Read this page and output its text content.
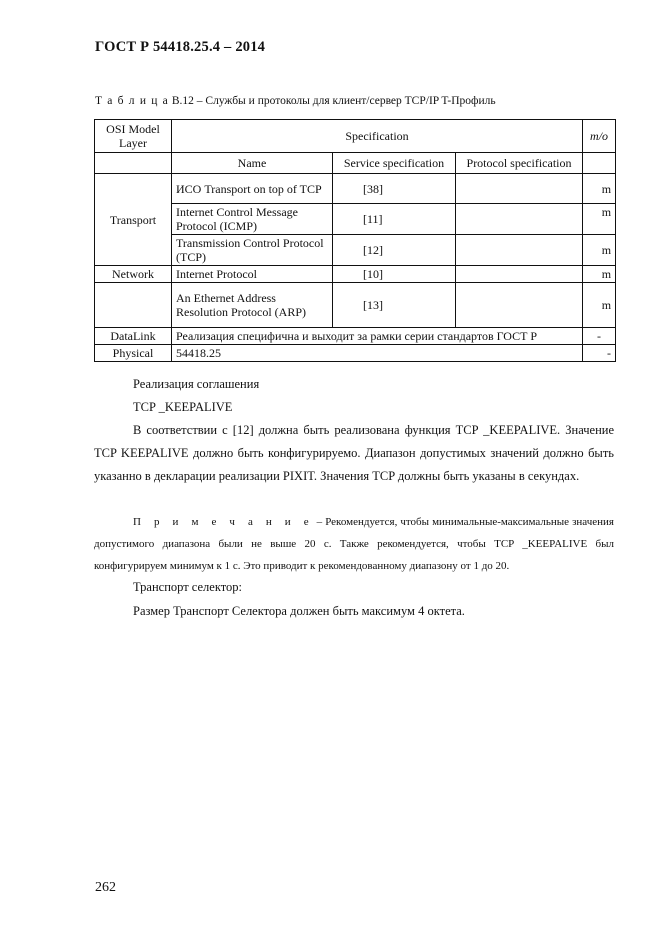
ГОСТ Р 54418.25.4 – 2014
Т а б л и ц а В.12 – Службы и протоколы для клиент/сервер TCP/IP T-Профиль
OSI Model Layer	Specification			m/o
	Name	Service specification	Protocol specification	
Transport	ИСО Transport on top of TCP	[38]		m
	Internet Control Message Protocol (ICMP)	[11]		m
	Transmission Control Protocol (TCP)	[12]		m
Network	Internet Protocol	[10]		m
	An Ethernet Address Resolution Protocol (ARP)	[13]		m
DataLink	Реализация специфична и выходит за рамки серии стандартов ГОСТ Р			-
Physical	54418.25			-
Реализация соглашения
TCP _KEEPALIVE
В соответствии с [12] должна быть реализована функция TCP _KEEPALIVE. Значение TCP KEEPALIVE должно быть конфигурируемо. Диапазон допустимых значений должно быть указанно в декларации реализации PIXIT. Значения TCP должны быть указаны в секундах.
П р и м е ч а н и е – Рекомендуется, чтобы минимальные-максимальные значения допустимого диапазона были не выше 20 с. Также рекомендуется, чтобы TCP _KEEPALIVE был конфигурируем минимум к 1 с. Это приводит к рекомендованному диапазону от 1 до 20.
Транспорт селектор:
Размер Транспорт Селектора должен быть максимум 4 октета.
262
